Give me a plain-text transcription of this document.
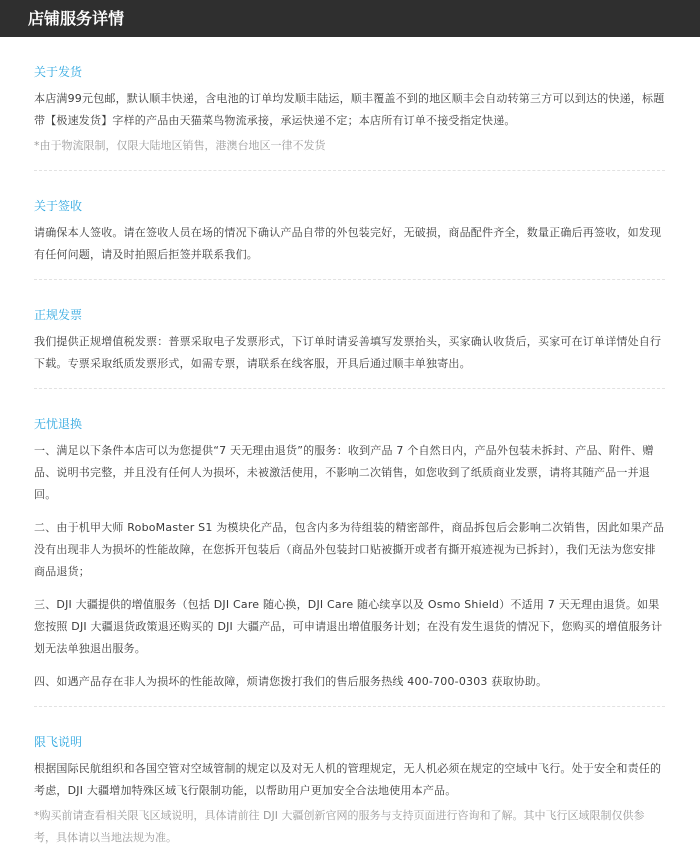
店铺服务详情
关于发货

本店满99元包邮，默认顺丰快递，含电池的订单均发顺丰陆运，顺丰覆盖不到的地区顺丰会自动转第三方可以到达的快递，标题带【极速发货】字样的产品由天猫菜鸟物流承接，承运快递不定；本店所有订单不接受指定快递。

*由于物流限制，仅限大陆地区销售，港澳台地区一律不发货

关于签收

请确保本人签收。请在签收人员在场的情况下确认产品自带的外包装完好，无破损，商品配件齐全，数量正确后再签收，如发现有任何问题，请及时拍照后拒签并联系我们。

正规发票

我们提供正规增值税发票：普票采取电子发票形式，下订单时请妥善填写发票抬头，买家确认收货后，买家可在订单详情处自行下载。专票采取纸质发票形式，如需专票，请联系在线客服，开具后通过顺丰单独寄出。

无忧退换

一、满足以下条件本店可以为您提供“7 天无理由退货”的服务：收到产品 7 个自然日内，产品外包装未拆封、产品、附件、赠品、说明书完整，并且没有任何人为损坏，未被激活使用，不影响二次销售，如您收到了纸质商业发票，请将其随产品一并退回。

二、由于机甲大师 RoboMaster S1 为模块化产品，包含内多为待组装的精密部件，商品拆包后会影响二次销售，因此如果产品没有出现非人为损坏的性能故障，在您拆开包装后（商品外包装封口贴被撕开或者有撕开痕迹视为已拆封），我们无法为您安排商品退货；

三、DJI 大疆提供的增值服务（包括 DJI Care 随心换，DJI Care 随心续享以及 Osmo Shield）不适用 7 天无理由退货。如果您按照 DJI 大疆退货政策退还购买的 DJI 大疆产品，可申请退出增值服务计划；在没有发生退货的情况下，您购买的增值服务计划无法单独退出服务。

四、如遇产品存在非人为损坏的性能故障，烦请您拨打我们的售后服务热线 400-700-0303 获取协助。

限飞说明

根据国际民航组织和各国空管对空域管制的规定以及对无人机的管理规定，无人机必须在规定的空域中飞行。处于安全和责任的考虑，DJI 大疆增加特殊区域飞行限制功能，以帮助用户更加安全合法地使用本产品。

*购买前请查看相关限飞区域说明，具体请前往 DJI 大疆创新官网的服务与支持页面进行咨询和了解。其中飞行区域限制仅供参考，具体请以当地法规为准。
